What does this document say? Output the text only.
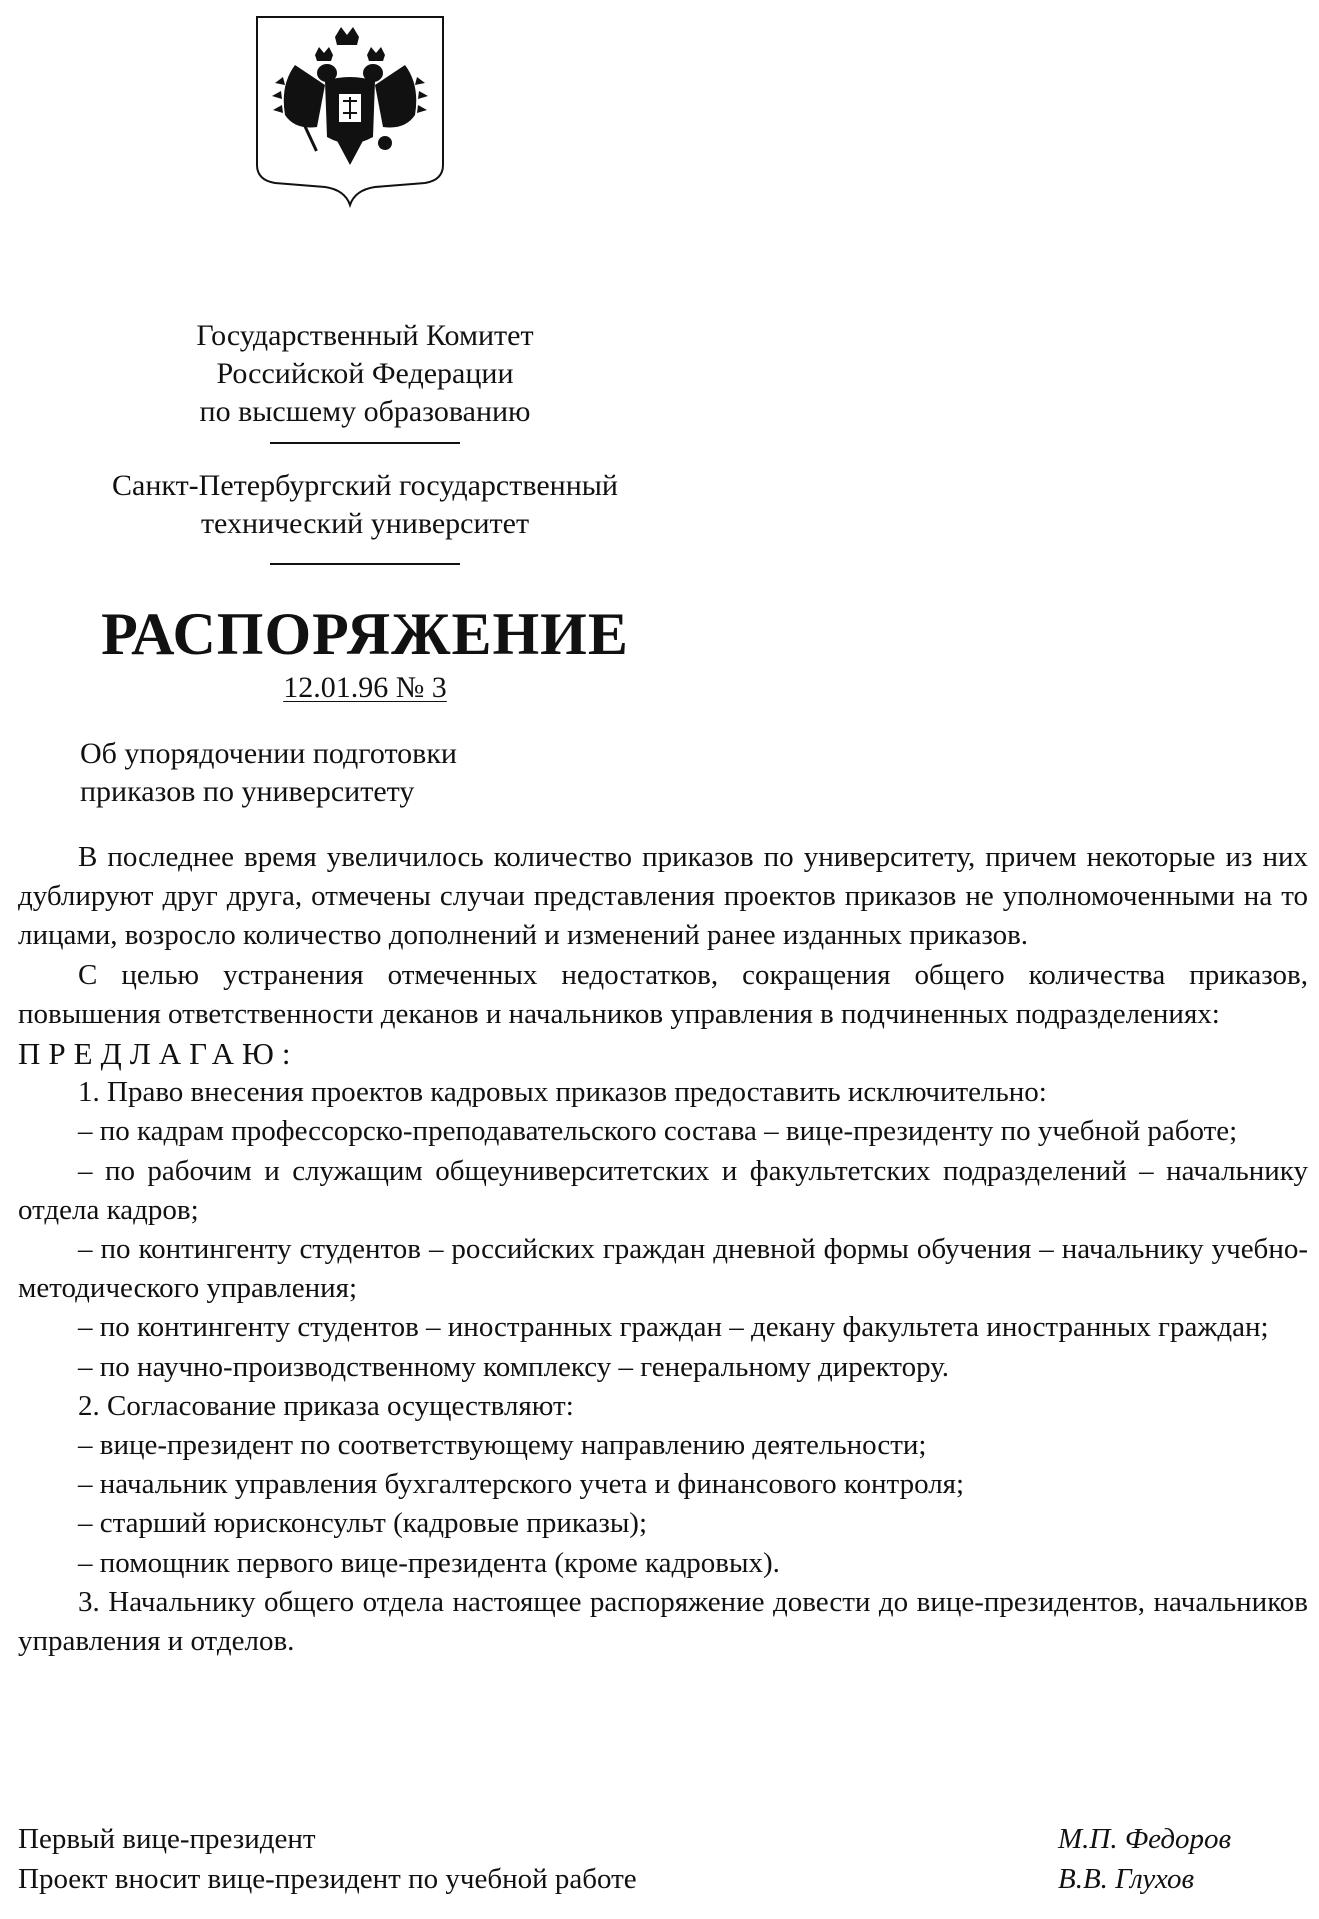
Государственный Комитет
Российской Федерации
по высшему образованию
Санкт-Петербургский государственный
технический университет
РАСПОРЯЖЕНИЕ
12.01.96 № 3
Об упорядочении подготовки
приказов по университету

В последнее время увеличилось количество приказов по университету, причем некоторые из них дублируют друг друга, отмечены случаи представления проектов приказов не уполномоченными на то лицами, возросло количество дополнений и изменений ранее изданных приказов.

С целью устранения отмеченных недостатков, сокращения общего количества приказов, повышения ответственности деканов и начальников управления в подчиненных подразделениях:

ПРЕДЛАГАЮ:

1. Право внесения проектов кадровых приказов предоставить исключительно:

– по кадрам профессорско-преподавательского состава – вице-президенту по учебной работе;

– по рабочим и служащим общеуниверситетских и факультетских подразделений – начальнику отдела кадров;

– по контингенту студентов – российских граждан дневной формы обучения – начальнику учебно-методического управления;

– по контингенту студентов – иностранных граждан – декану факультета иностранных граждан;

– по научно-производственному комплексу – генеральному директору.

2. Согласование приказа осуществляют:

– вице-президент по соответствующему направлению деятельности;

– начальник управления бухгалтерского учета и финансового контроля;

– старший юрисконсульт (кадровые приказы);

– помощник первого вице-президента (кроме кадровых).

3. Начальнику общего отдела настоящее распоряжение довести до вице-президентов, начальников управления и отделов.

Первый вице-президент	М.П. Федоров
Проект вносит вице-президент по учебной работе	В.В. Глухов
